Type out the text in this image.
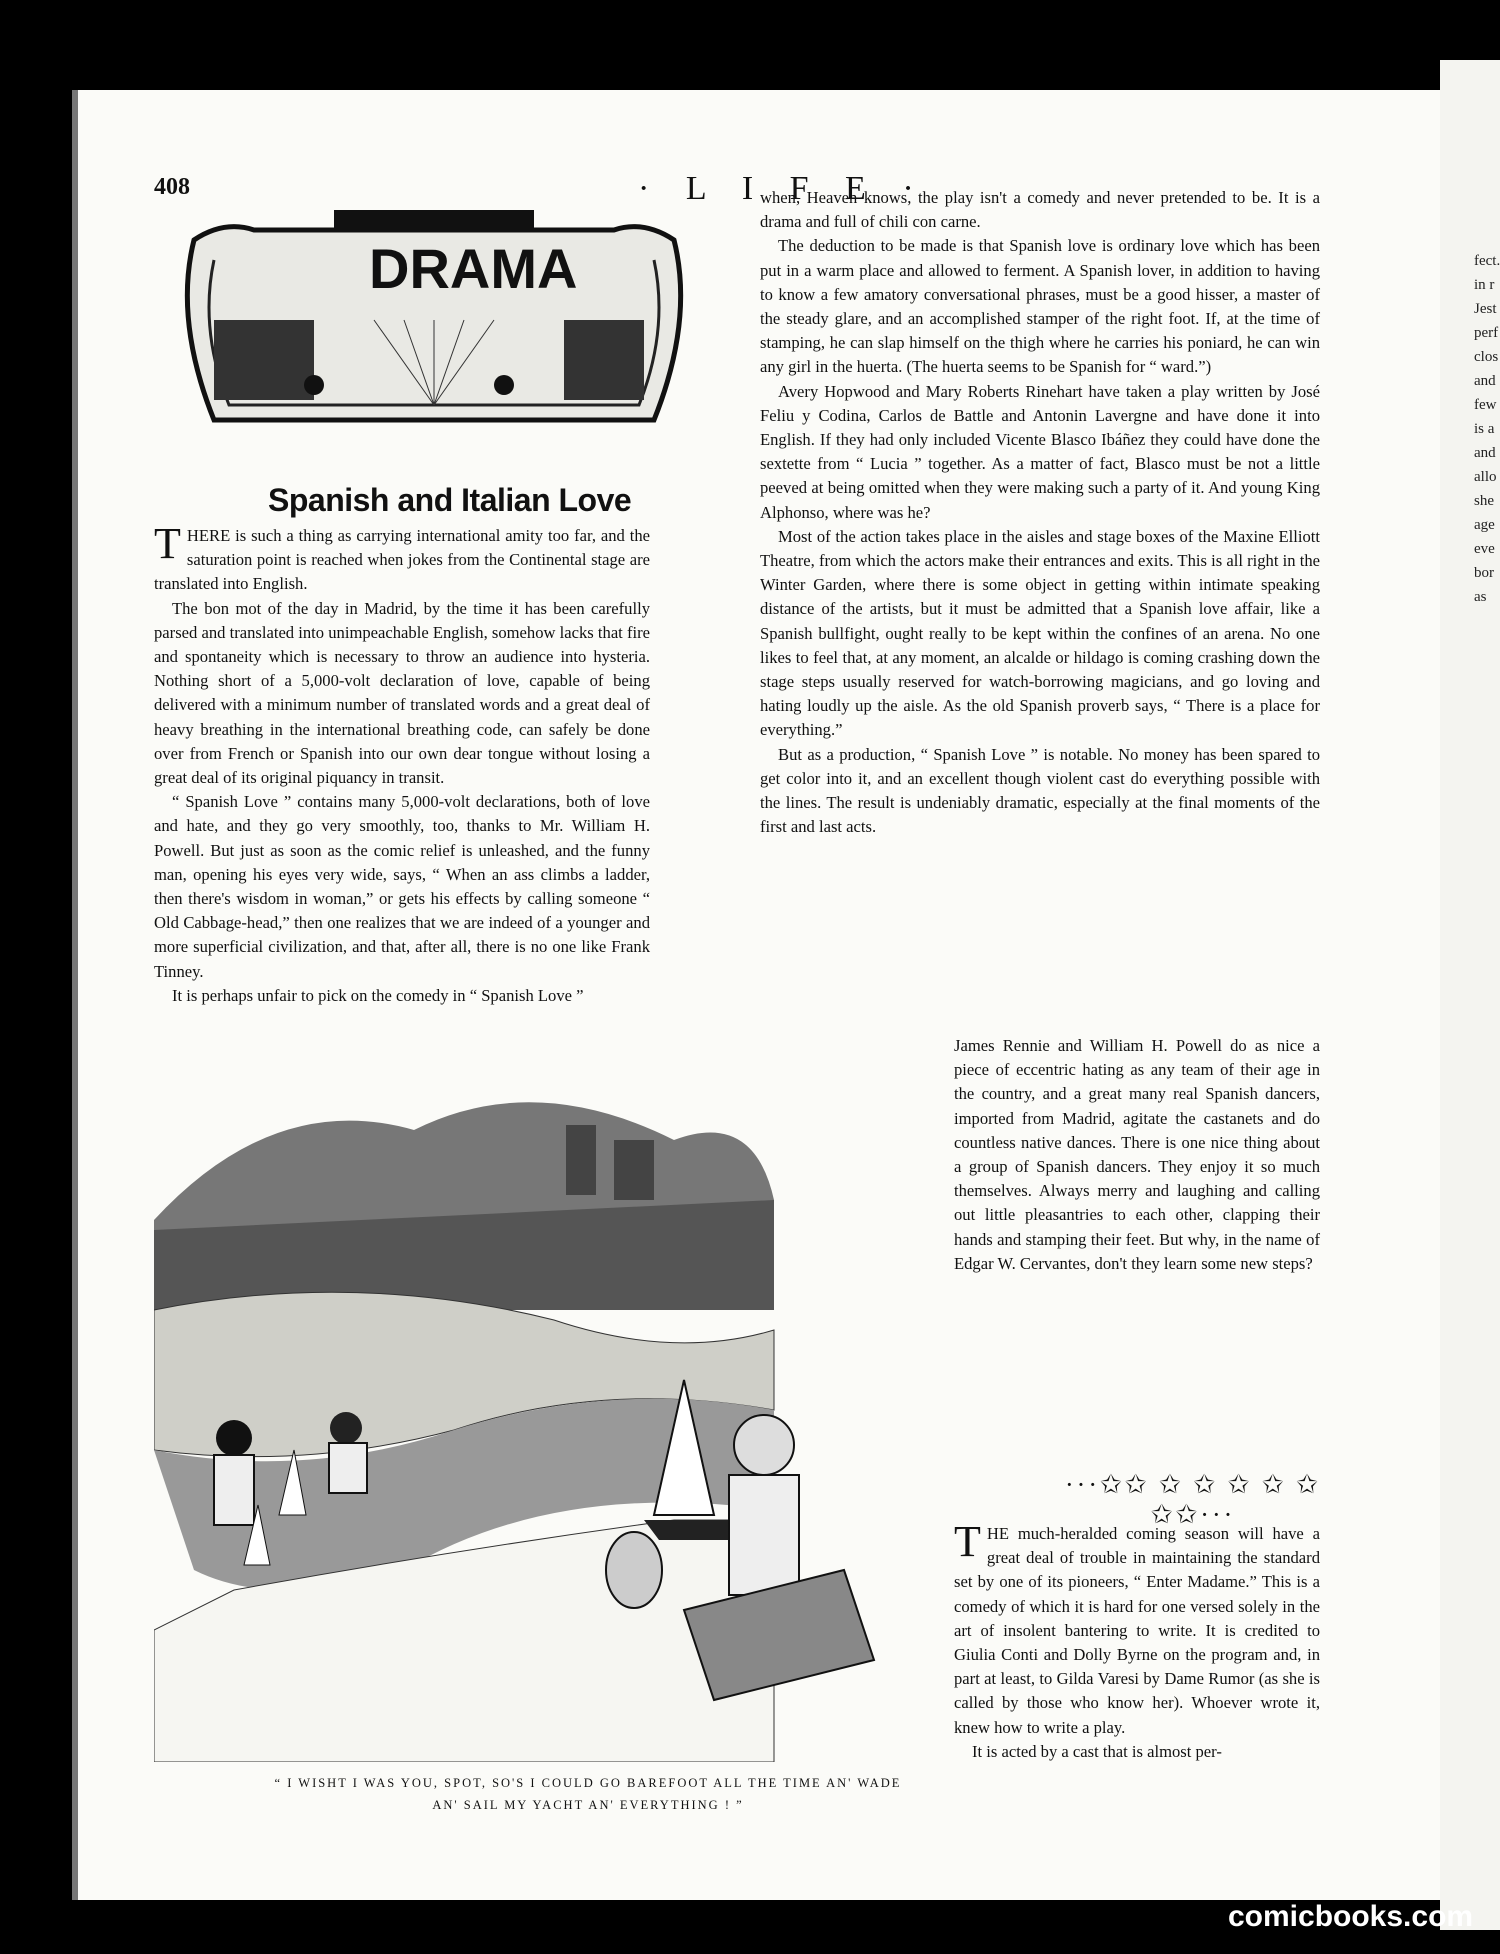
408	· L I F E ·
DRAMA
Spanish and Italian Love

THERE is such a thing as carrying international amity too far, and the saturation point is reached when jokes from the Continental stage are translated into English.

The bon mot of the day in Madrid, by the time it has been carefully parsed and translated into unimpeachable English, somehow lacks that fire and spontaneity which is necessary to throw an audience into hysteria. Nothing short of a 5,000-volt declaration of love, capable of being delivered with a minimum number of translated words and a great deal of heavy breathing in the international breathing code, can safely be done over from French or Spanish into our own dear tongue without losing a great deal of its original piquancy in transit.

“ Spanish Love ” contains many 5,000-volt declarations, both of love and hate, and they go very smoothly, too, thanks to Mr. William H. Powell. But just as soon as the comic relief is unleashed, and the funny man, opening his eyes very wide, says, “ When an ass climbs a ladder, then there's wisdom in woman,” or gets his effects by calling someone “ Old Cabbage-head,” then one realizes that we are indeed of a younger and more superficial civilization, and that, after all, there is no one like Frank Tinney.

It is perhaps unfair to pick on the comedy in “ Spanish Love ”

when, Heaven knows, the play isn't a comedy and never pretended to be. It is a drama and full of chili con carne.

The deduction to be made is that Spanish love is ordinary love which has been put in a warm place and allowed to ferment. A Spanish lover, in addition to having to know a few amatory conversational phrases, must be a good hisser, a master of the steady glare, and an accomplished stamper of the right foot. If, at the time of stamping, he can slap himself on the thigh where he carries his poniard, he can win any girl in the huerta. (The huerta seems to be Spanish for “ ward.”)

Avery Hopwood and Mary Roberts Rinehart have taken a play written by José Feliu y Codina, Carlos de Battle and Antonin Lavergne and have done it into English. If they had only included Vicente Blasco Ibáñez they could have done the sextette from “ Lucia ” together. As a matter of fact, Blasco must be not a little peeved at being omitted when they were making such a party of it. And young King Alphonso, where was he?

Most of the action takes place in the aisles and stage boxes of the Maxine Elliott Theatre, from which the actors make their entrances and exits. This is all right in the Winter Garden, where there is some object in getting within intimate speaking distance of the artists, but it must be admitted that a Spanish love affair, like a Spanish bullfight, ought really to be kept within the confines of an arena. No one likes to feel that, at any moment, an alcalde or hildago is coming crashing down the stage steps usually reserved for watch-borrowing magicians, and go loving and hating loudly up the aisle. As the old Spanish proverb says, “ There is a place for everything.”

But as a production, “ Spanish Love ” is notable. No money has been spared to get color into it, and an excellent though violent cast do everything possible with the lines. The result is undeniably dramatic, especially at the final moments of the first and last acts.

James Rennie and William H. Powell do as nice a piece of eccentric hating as any team of their age in the country, and a great many real Spanish dancers, imported from Madrid, agitate the castanets and do countless native dances. There is one nice thing about a group of Spanish dancers. They enjoy it so much themselves. Always merry and laughing and calling out little pleasantries to each other, clapping their hands and stamping their feet. But why, in the name of Edgar W. Cervantes, don't they learn some new steps?

···✩✩ ✩ ✩ ✩ ✩ ✩ ✩✩···

THE much-heralded coming season will have a great deal of trouble in maintaining the standard set by one of its pioneers, “ Enter Madame.” This is a comedy of which it is hard for one versed solely in the art of insolent bantering to write. It is credited to Giulia Conti and Dolly Byrne on the program and, in part at least, to Gilda Varesi by Dame Rumor (as she is called by those who know her). Whoever wrote it, knew how to write a play.

It is acted by a cast that is almost per-

“ I WISHT I WAS YOU, SPOT, SO'S I COULD GO BAREFOOT ALL THE TIME AN' WADE
AN' SAIL MY YACHT AN' EVERYTHING ! ”
fect.
in r
Jest
perf
clos
and
few
is a
and
allo
she
age
eve
bor
as
comicbooks.com
